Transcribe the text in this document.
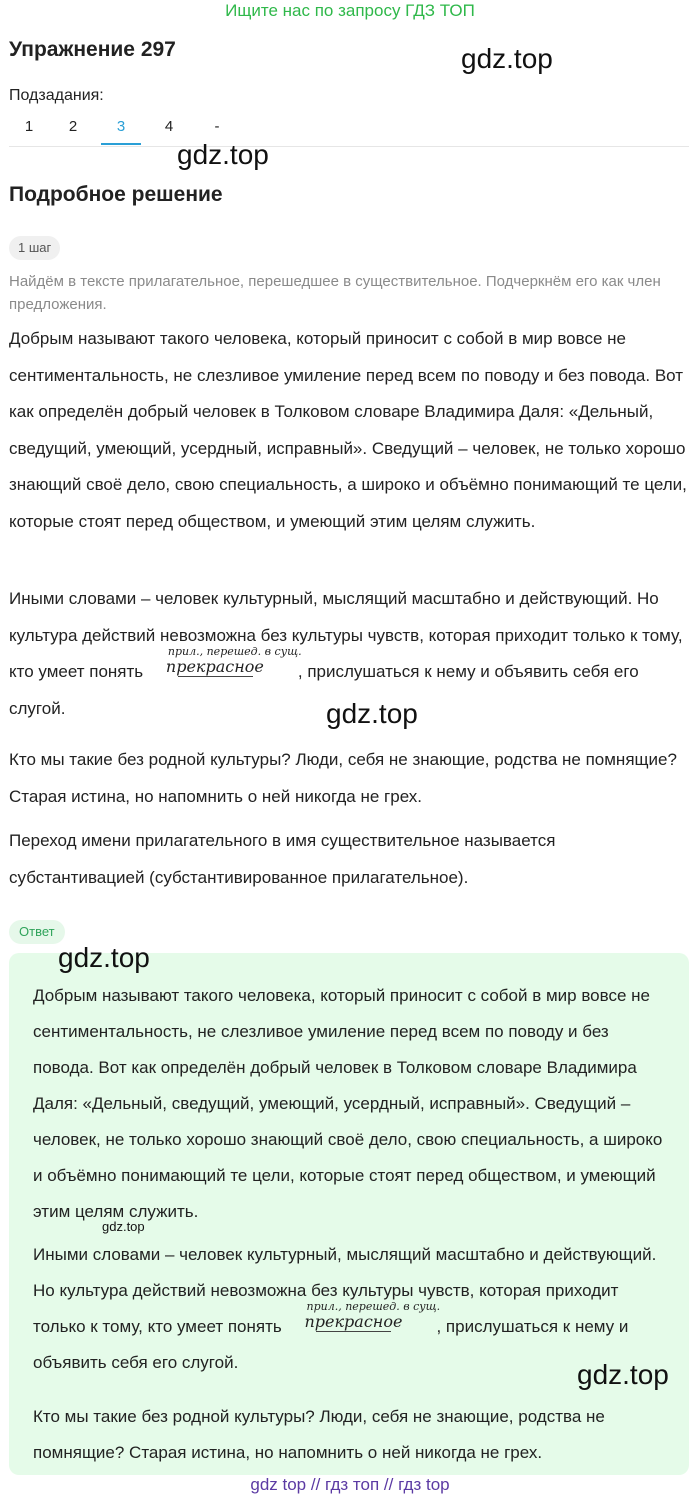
Ищите нас по запросу ГДЗ ТОП
Упражнение 297	gdz.top
Подзадания:
1	2	3	4	-
gdz.top
Подробное решение
1 шаг
Найдём в тексте прилагательное, перешедшее в существительное. Подчеркнём его как член предложения.
Добрым называют такого человека, который приносит с собой в мир вовсе не сентиментальность, не слезливое умиление перед всем по поводу и без повода. Вот как определён добрый человек в Толковом словаре Владимира Даля: «Дельный, сведущий, умеющий, усердный, исправный». Сведущий – человек, не только хорошо знающий своё дело, свою специальность, а широко и объёмно понимающий те цели, которые стоят перед обществом, и умеющий этим целям служить.
Иными словами – человек культурный, мыслящий масштабно и действующий. Но культура действий невозможна без культуры чувств, которая приходит только к тому, кто умеет понять
прил., перешед. в сущ.
прекрасное , прислушаться к нему и объявить себя его слугой.	gdz.top
Кто мы такие без родной культуры? Люди, себя не знающие, родства не помнящие? Старая истина, но напомнить о ней никогда не грех.
Переход имени прилагательного в имя существительное называется субстантивацией (субстантивированное прилагательное).
Ответ
Добрым называют такого человека, который приносит с собой в мир вовсе не сентиментальность, не слезливое умиление перед всем по поводу и без повода. Вот как определён добрый человек в Толковом словаре Владимира Даля: «Дельный, сведущий, умеющий, усердный, исправный». Сведущий – человек, не только хорошо знающий своё дело, свою специальность, а широко и объёмно понимающий те цели, которые стоят перед обществом, и умеющий этим целям служить.
Иными словами – человек культурный, мыслящий масштабно и действующий. Но культура действий невозможна без культуры чувств, которая приходит только к тому, кто умеет понять
прил., перешед. в сущ.
прекрасное , прислушаться к нему и объявить себя его слугой.
Кто мы такие без родной культуры? Люди, себя не знающие, родства не помнящие? Старая истина, но напомнить о ней никогда не грех.
gdz.top
gdz.top
gdz.top
gdz top // гдз топ // гдз top
